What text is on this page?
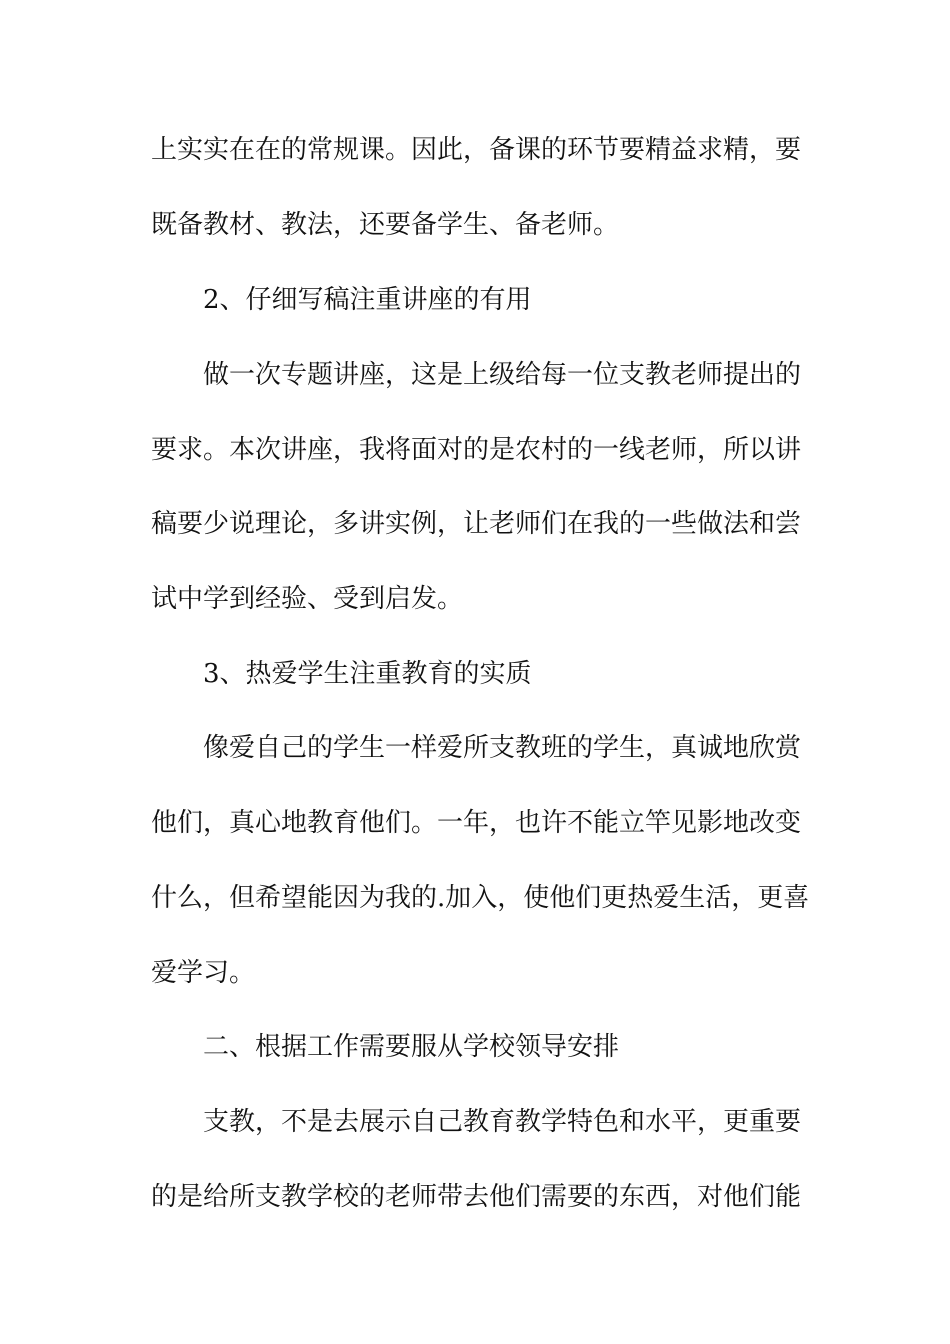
上实实在在的常规课。因此，备课的环节要精益求精，要

既备教材、教法，还要备学生、备老师。

2、仔细写稿注重讲座的有用

做一次专题讲座，这是上级给每一位支教老师提出的

要求。本次讲座，我将面对的是农村的一线老师，所以讲

稿要少说理论，多讲实例，让老师们在我的一些做法和尝

试中学到经验、受到启发。

3、热爱学生注重教育的实质

像爱自己的学生一样爱所支教班的学生，真诚地欣赏

他们，真心地教育他们。一年，也许不能立竿见影地改变

什么，但希望能因为我的.加入，使他们更热爱生活，更喜

爱学习。

二、根据工作需要服从学校领导安排

支教，不是去展示自己教育教学特色和水平，更重要

的是给所支教学校的老师带去他们需要的东西，对他们能
